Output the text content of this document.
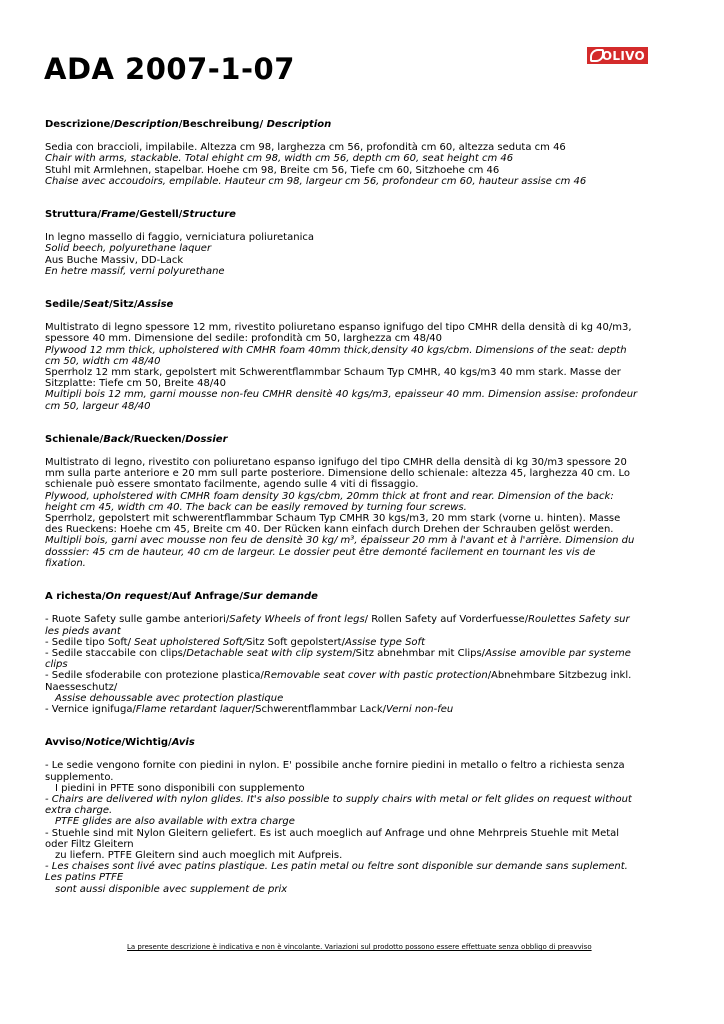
ADA 2007-1-07	OLIVO

Descrizione/Description/Beschreibung/ Description

Sedia con braccioli, impilabile. Altezza cm 98, larghezza cm 56, profondità cm 60, altezza seduta cm 46

Chair with arms, stackable. Total ehight cm 98, width cm 56, depth cm 60, seat height cm 46

Stuhl mit Armlehnen, stapelbar. Hoehe cm 98, Breite cm 56, Tiefe cm 60, Sitzhoehe cm 46

Chaise avec accoudoirs, empilable. Hauteur cm 98, largeur cm 56, profondeur cm 60, hauteur assise cm 46

Struttura/Frame/Gestell/Structure

In legno massello di faggio, verniciatura poliuretanica

Solid beech, polyurethane laquer

Aus Buche Massiv, DD-Lack

En hetre massif, verni polyurethane

Sedile/Seat/Sitz/Assise

Multistrato di legno spessore 12 mm, rivestito poliuretano espanso ignifugo del tipo CMHR della densità di kg 40/m3, spessore 40 mm. Dimensione del sedile: profondità cm 50, larghezza cm 48/40

Plywood 12 mm thick, upholstered with CMHR foam 40mm thick,density 40 kgs/cbm. Dimensions of the seat: depth cm 50, width cm 48/40

Sperrholz 12 mm stark, gepolstert mit Schwerentflammbar Schaum Typ CMHR, 40 kgs/m3 40 mm stark. Masse der Sitzplatte: Tiefe cm 50, Breite 48/40

Multipli bois 12 mm, garni mousse non-feu CMHR densitè 40 kgs/m3, epaisseur 40 mm. Dimension assise: profondeur cm 50, largeur 48/40

Schienale/Back/Ruecken/Dossier

Multistrato di legno, rivestito con poliuretano espanso ignifugo del tipo CMHR della densità di kg 30/m3 spessore 20 mm sulla parte anteriore e 20 mm sull parte posteriore. Dimensione dello schienale: altezza 45, larghezza 40 cm. Lo schienale può essere smontato facilmente, agendo sulle 4 viti di fissaggio.

Plywood, upholstered with CMHR foam density 30 kgs/cbm, 20mm thick at front and rear. Dimension of the back: height cm 45, width cm 40. The back can be easily removed by turning four screws.

Sperrholz, gepolstert mit schwerentflammbar Schaum Typ CMHR 30 kgs/m3, 20 mm stark (vorne u. hinten). Masse des Rueckens: Hoehe cm 45, Breite cm 40. Der Rücken kann einfach durch Drehen der Schrauben gelöst werden.

Multipli bois, garni avec mousse non feu de densitè 30 kg/ m³, épaisseur 20 mm à l'avant et à l'arrière. Dimension du dosssier: 45 cm de hauteur, 40 cm de largeur. Le dossier peut être demonté facilement en tournant les vis de fixation.

A richesta/On request/Auf Anfrage/Sur demande

- Ruote Safety sulle gambe anteriori/Safety Wheels of front legs/ Rollen Safety auf Vorderfuesse/Roulettes Safety sur les pieds avant

- Sedile tipo Soft/ Seat upholstered Soft/Sitz Soft gepolstert/Assise type Soft

- Sedile staccabile con clips/Detachable seat with clip system/Sitz abnehmbar mit Clips/Assise amovible par systeme clips

- Sedile sfoderabile con protezione plastica/Removable seat cover with pastic protection/Abnehmbare Sitzbezug inkl. Naesseschutz/

Assise dehoussable avec protection plastique

- Vernice ignifuga/Flame retardant laquer/Schwerentflammbar Lack/Verni non-feu

Avviso/Notice/Wichtig/Avis

- Le sedie vengono fornite con piedini in nylon. E' possibile anche fornire piedini in metallo o feltro a richiesta senza supplemento.

I piedini in PFTE sono disponibili con supplemento

- Chairs are delivered with nylon glides. It's also possible to supply chairs with metal or felt glides on request without extra charge.

PTFE glides are also available with extra charge

- Stuehle sind mit Nylon Gleitern geliefert. Es ist auch moeglich auf Anfrage und ohne Mehrpreis Stuehle mit Metal oder Filtz Gleitern

zu liefern. PTFE Gleitern sind auch moeglich mit Aufpreis.

- Les chaises sont livé avec patins plastique. Les patin metal ou feltre sont disponible sur demande sans suplement. Les patins PTFE

sont aussi disponible avec supplement de prix

La presente descrizione è indicativa e non è vincolante. Variazioni sul prodotto possono essere effettuate senza obbligo di preavviso
